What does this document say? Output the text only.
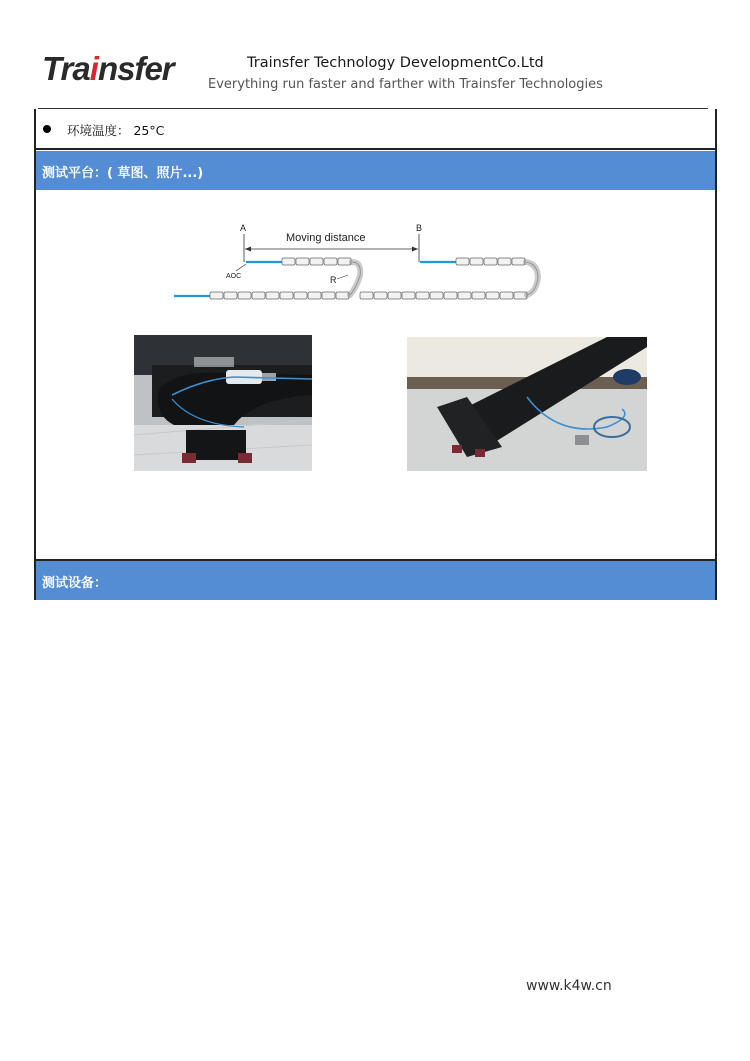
Trainsfer	Trainsfer Technology DevelopmentCo.Ltd
Everything run faster and farther with Trainsfer Technologies
环境温度： 25°C
测试平台：( 草图、照片...)
A	B
Moving distance
AOC	R
测试设备：
www.k4w.cn
